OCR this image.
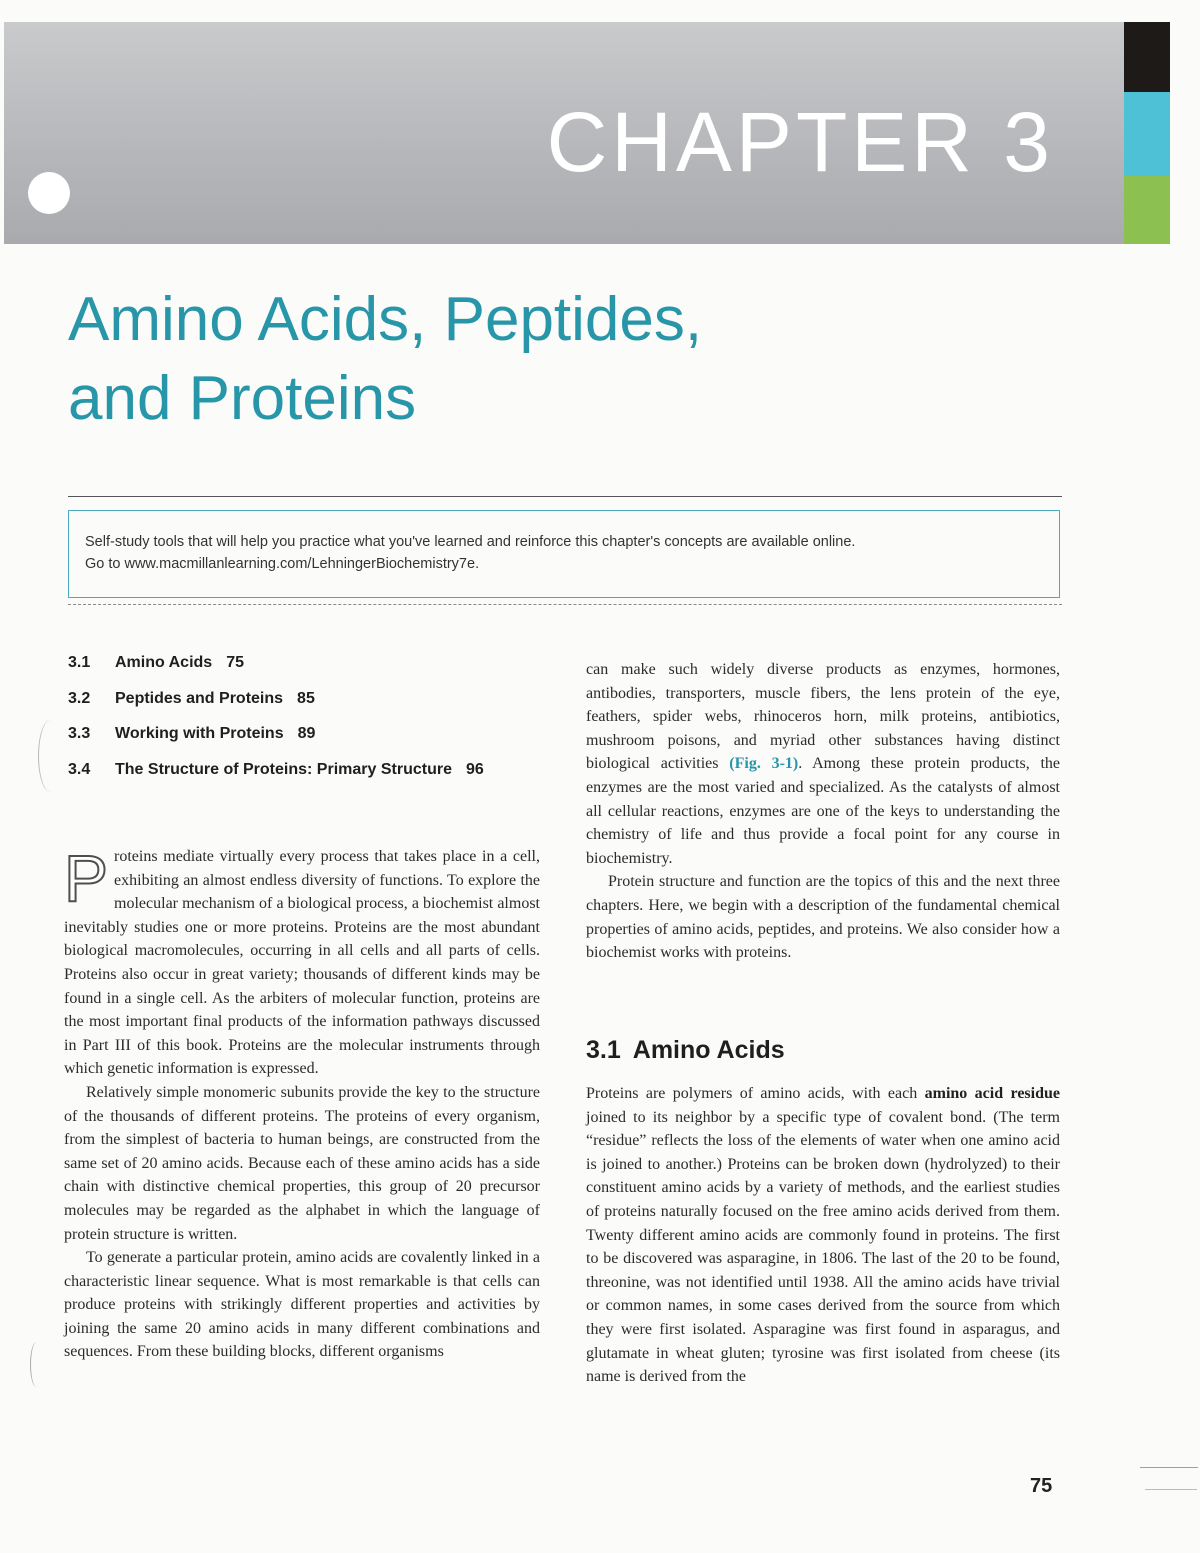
CHAPTER 3
Amino Acids, Peptides,
and Proteins
Self-study tools that will help you practice what you've learned and reinforce this chapter's concepts are available online.
Go to www.macmillanlearning.com/LehningerBiochemistry7e.
3.1 Amino Acids 75
3.2 Peptides and Proteins 85
3.3 Working with Proteins 89
3.4 The Structure of Proteins: Primary Structure 96

Proteins mediate virtually every process that takes place in a cell, exhibiting an almost endless diversity of functions. To explore the molecular mechanism of a biological process, a biochemist almost inevitably studies one or more proteins. Proteins are the most abundant biological macromolecules, occurring in all cells and all parts of cells. Proteins also occur in great variety; thousands of different kinds may be found in a single cell. As the arbiters of molecular function, proteins are the most important final products of the information pathways discussed in Part III of this book. Proteins are the molecular instruments through which genetic information is expressed.

Relatively simple monomeric subunits provide the key to the structure of the thousands of different proteins. The proteins of every organism, from the simplest of bacteria to human beings, are constructed from the same set of 20 amino acids. Because each of these amino acids has a side chain with distinctive chemical properties, this group of 20 precursor molecules may be regarded as the alphabet in which the language of protein structure is written.

To generate a particular protein, amino acids are covalently linked in a characteristic linear sequence. What is most remarkable is that cells can produce proteins with strikingly different properties and activities by joining the same 20 amino acids in many different combinations and sequences. From these building blocks, different organisms

can make such widely diverse products as enzymes, hormones, antibodies, transporters, muscle fibers, the lens protein of the eye, feathers, spider webs, rhinoceros horn, milk proteins, antibiotics, mushroom poisons, and myriad other substances having distinct biological activities (Fig. 3-1). Among these protein products, the enzymes are the most varied and specialized. As the catalysts of almost all cellular reactions, enzymes are one of the keys to understanding the chemistry of life and thus provide a focal point for any course in biochemistry.

Protein structure and function are the topics of this and the next three chapters. Here, we begin with a description of the fundamental chemical properties of amino acids, peptides, and proteins. We also consider how a biochemist works with proteins.

3.1 Amino Acids

Proteins are polymers of amino acids, with each amino acid residue joined to its neighbor by a specific type of covalent bond. (The term “residue” reflects the loss of the elements of water when one amino acid is joined to another.) Proteins can be broken down (hydrolyzed) to their constituent amino acids by a variety of methods, and the earliest studies of proteins naturally focused on the free amino acids derived from them. Twenty different amino acids are commonly found in proteins. The first to be discovered was asparagine, in 1806. The last of the 20 to be found, threonine, was not identified until 1938. All the amino acids have trivial or common names, in some cases derived from the source from which they were first isolated. Asparagine was first found in asparagus, and glutamate in wheat gluten; tyrosine was first isolated from cheese (its name is derived from the

75
